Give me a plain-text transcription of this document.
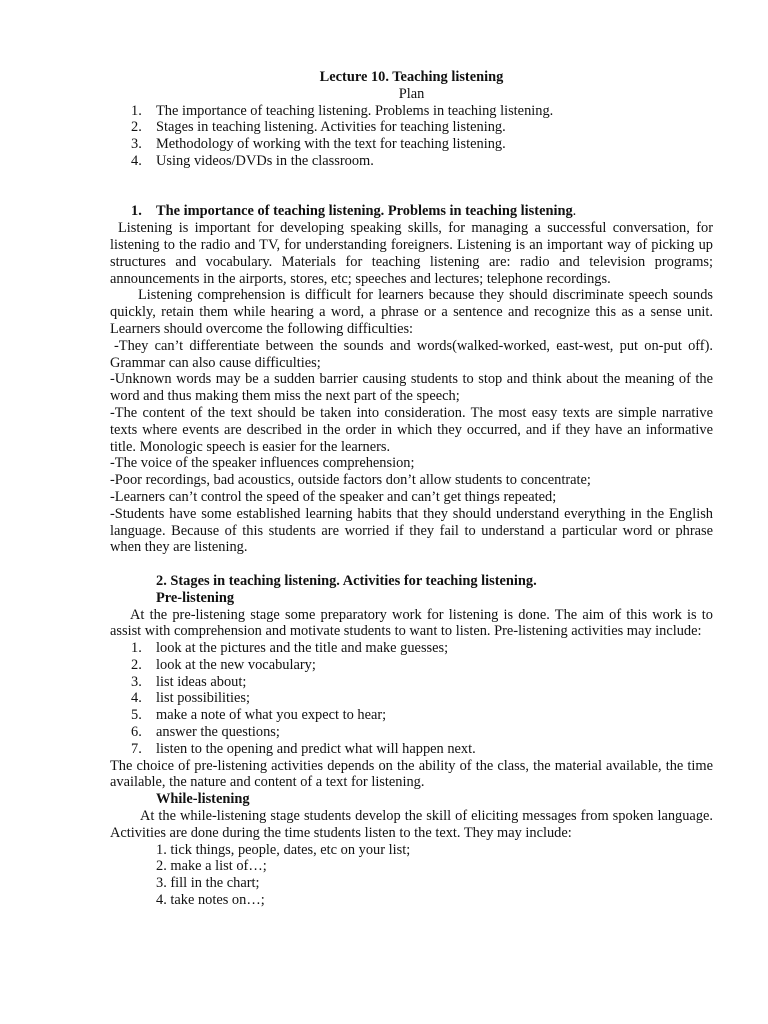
Lecture 10. Teaching listening

Plan

1. The importance of teaching listening. Problems in teaching listening.
2. Stages in teaching listening. Activities for teaching listening.
3. Methodology of working with the text for teaching listening.
4. Using videos/DVDs in the classroom.
1. The importance of teaching listening. Problems in teaching listening.

Listening is important for developing speaking skills, for managing a successful conversation, for listening to the radio and TV, for understanding foreigners. Listening is an important way of picking up structures and vocabulary. Materials for teaching listening are: radio and television programs; announcements in the airports, stores, etc; speeches and lectures; telephone recordings.

Listening comprehension is difficult for learners because they should discriminate speech sounds quickly, retain them while hearing a word, a phrase or a sentence and recognize this as a sense unit. Learners should overcome the following difficulties:

-They can’t differentiate between the sounds and words(walked-worked, east-west, put on-put off). Grammar can also cause difficulties;

-Unknown words may be a sudden barrier causing students to stop and think about the meaning of the word and thus making them miss the next part of the speech;

-The content of the text should be taken into consideration. The most easy texts are simple narrative texts where events are described in the order in which they occurred, and if they have an informative title. Monologic speech is easier for the learners.

-The voice of the speaker influences comprehension;

-Poor recordings, bad acoustics, outside factors don’t allow students to concentrate;

-Learners can’t control the speed of the speaker and can’t get things repeated;

-Students have some established learning habits that they should understand everything in the English language. Because of this students are worried if they fail to understand a particular word or phrase when they are listening.

2. Stages in teaching listening. Activities for teaching listening.

Pre-listening

At the pre-listening stage some preparatory work for listening is done. The aim of this work is to assist with comprehension and motivate students to want to listen. Pre-listening activities may include:

1. look at the pictures and the title and make guesses;
2. look at the new vocabulary;
3. list ideas about;
4. list possibilities;
5. make a note of what you expect to hear;
6. answer the questions;
7. listen to the opening and predict what will happen next.

The choice of pre-listening activities depends on the ability of the class, the material available, the time available, the nature and content of a text for listening.

While-listening

At the while-listening stage students develop the skill of eliciting messages from spoken language. Activities are done during the time students listen to the text. They may include:

1. tick things, people, dates, etc on your list;

2. make a list of…;

3. fill in the chart;

4. take notes on…;
